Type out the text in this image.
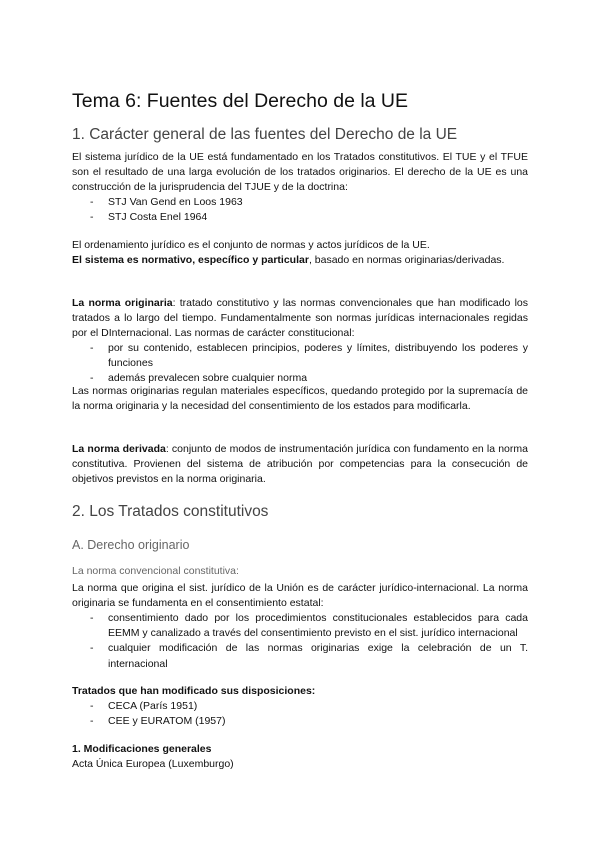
Tema 6: Fuentes del Derecho de la UE
1. Carácter general de las fuentes del Derecho de la UE

El sistema jurídico de la UE está fundamentado en los Tratados constitutivos. El TUE y el TFUE son el resultado de una larga evolución de los tratados originarios. El derecho de la UE es una construcción de la jurisprudencia del TJUE y de la doctrina:

- STJ Van Gend en Loos 1963
- STJ Costa Enel 1964

El ordenamiento jurídico es el conjunto de normas y actos jurídicos de la UE.

El sistema es normativo, específico y particular, basado en normas originarias/derivadas.

La norma originaria: tratado constitutivo y las normas convencionales que han modificado los tratados a lo largo del tiempo. Fundamentalmente son normas jurídicas internacionales regidas por el DInternacional. Las normas de carácter constitucional:

- por su contenido, establecen principios, poderes y límites, distribuyendo los poderes y funciones
- además prevalecen sobre cualquier norma

Las normas originarias regulan materiales específicos, quedando protegido por la supremacía de la norma originaria y la necesidad del consentimiento de los estados para modificarla.

La norma derivada: conjunto de modos de instrumentación jurídica con fundamento en la norma constitutiva. Provienen del sistema de atribución por competencias para la consecución de objetivos previstos en la norma originaria.

2. Los Tratados constitutivos
A. Derecho originario
La norma convencional constitutiva:

La norma que origina el sist. jurídico de la Unión es de carácter jurídico-internacional. La norma originaria se fundamenta en el consentimiento estatal:

- consentimiento dado por los procedimientos constitucionales establecidos para cada EEMM y canalizado a través del consentimiento previsto en el sist. jurídico internacional
- cualquier modificación de las normas originarias exige la celebración de un T. internacional

Tratados que han modificado sus disposiciones:

- CECA (París 1951)
- CEE y EURATOM (1957)

1. Modificaciones generales

Acta Única Europea (Luxemburgo)
